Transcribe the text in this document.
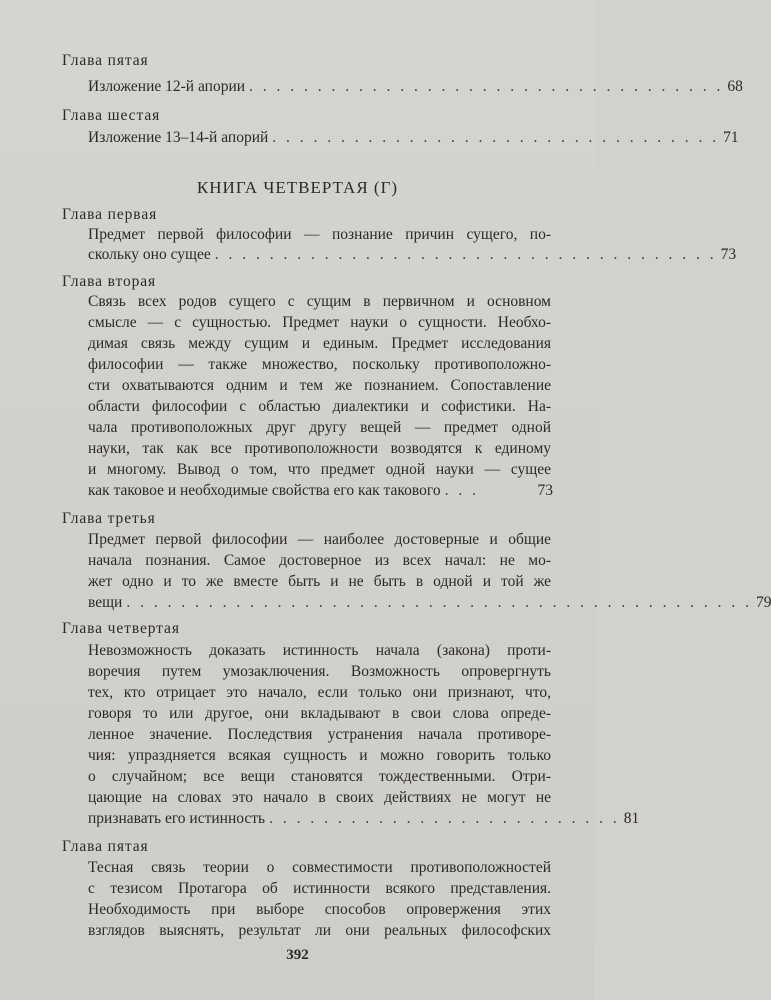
Глава пятая
Изложение 12-й апории . . . . . . . . . . . . . . . . . . . . . . . . . . . . . . . . . . . 68
Глава шестая
Изложение 13–14-й апорий . . . . . . . . . . . . . . . . . . . . . . . . . . . . . . . . . 71
КНИГА ЧЕТВЕРТАЯ (Г)
Глава первая
Предмет первой философии — познание причин сущего, по-
скольку оно сущее . . . . . . . . . . . . . . . . . . . . . . . . . . . . . . . . . . . . . 73
Глава вторая
Связь всех родов сущего с сущим в первичном и основном
смысле — с сущностью. Предмет науки о сущности. Необхо-
димая связь между сущим и единым. Предмет исследования
философии — также множество, поскольку противоположно-
сти охватываются одним и тем же познанием. Сопоставление
области философии с областью диалектики и софистики. На-
чала противоположных друг другу вещей — предмет одной
науки, так как все противоположности возводятся к единому
и многому. Вывод о том, что предмет одной науки — сущее
как таковое и необходимые свойства его как такового . . .	73
Глава третья
Предмет первой философии — наиболее достоверные и общие
начала познания. Самое достоверное из всех начал: не мо-
жет одно и то же вместе быть и не быть в одной и той же
вещи . . . . . . . . . . . . . . . . . . . . . . . . . . . . . . . . . . . . . . . . . . . . . . 79
Глава четвертая
Невозможность доказать истинность начала (закона) проти-
воречия путем умозаключения. Возможность опровергнуть
тех, кто отрицает это начало, если только они признают, что,
говоря то или другое, они вкладывают в свои слова опреде-
ленное значение. Последствия устранения начала противоре-
чия: упраздняется всякая сущность и можно говорить только
о случайном; все вещи становятся тождественными. Отри-
цающие на словах это начало в своих действиях не могут не
признавать его истинность . . . . . . . . . . . . . . . . . . . . . . . . . . 81
Глава пятая
Тесная связь теории о совместимости противоположностей
с тезисом Протагора об истинности всякого представления.
Необходимость при выборе способов опровержения этих
взглядов выяснять, результат ли они реальных философских
392
